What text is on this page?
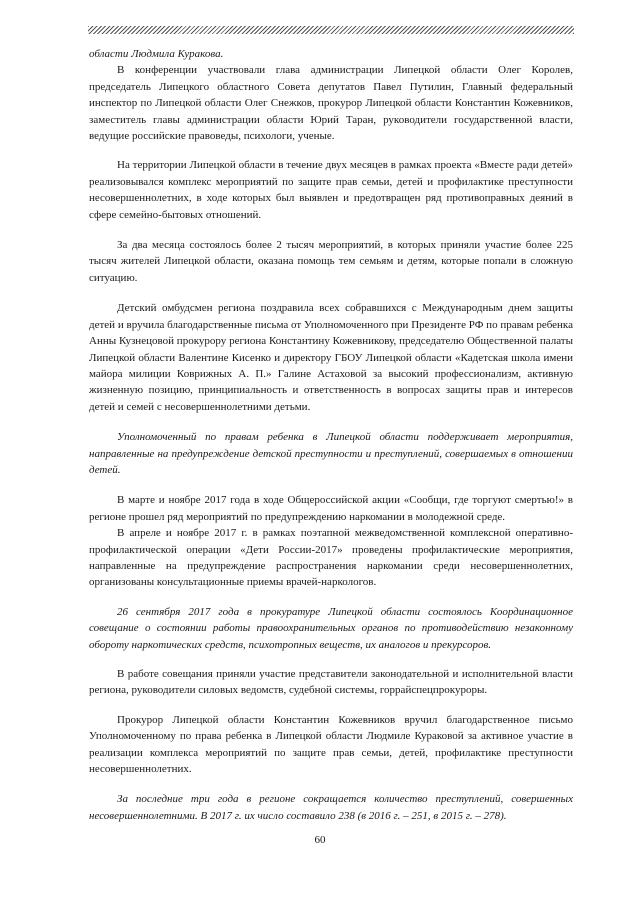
области Людмила Куракова.

В конференции участвовали глава администрации Липецкой области Олег Королев, председатель Липецкого областного Совета депутатов Павел Путилин, Главный федеральный инспектор по Липецкой области Олег Снежков, прокурор Липецкой области Константин Кожевников, заместитель главы администрации области Юрий Таран, руководители государственной власти, ведущие российские правоведы, психологи, ученые.

На территории Липецкой области в течение двух месяцев в рамках проекта «Вместе ради детей» реализовывался комплекс мероприятий по защите прав семьи, детей и профилактике преступности несовершеннолетних, в ходе которых был выявлен и предотвращен ряд противоправных деяний в сфере семейно-бытовых отношений.

За два месяца состоялось более 2 тысяч мероприятий, в которых приняли участие более 225 тысяч жителей Липецкой области, оказана помощь тем семьям и детям, которые попали в сложную ситуацию.

Детский омбудсмен региона поздравила всех собравшихся с Международным днем защиты детей и вручила благодарственные письма от Уполномоченного при Президенте РФ по правам ребенка Анны Кузнецовой прокурору региона Константину Кожевникову, председателю Общественной палаты Липецкой области Валентине Кисенко и директору ГБОУ Липецкой области «Кадетская школа имени майора милиции Коврижных А. П.» Галине Астаховой за высокий профессионализм, активную жизненную позицию, принципиальность и ответственность в вопросах защиты прав и интересов детей и семей с несовершеннолетними детьми.

Уполномоченный по правам ребенка в Липецкой области поддерживает мероприятия, направленные на предупреждение детской преступности и преступлений, совершаемых в отношении детей.

В марте и ноябре 2017 года в ходе Общероссийской акции «Сообщи, где торгуют смертью!» в регионе прошел ряд мероприятий по предупреждению наркомании в молодежной среде.

В апреле и ноябре 2017 г. в рамках поэтапной межведомственной комплексной оперативно-профилактической операции «Дети России-2017» проведены профилактические мероприятия, направленные на предупреждение распространения наркомании среди несовершеннолетних, организованы консультационные приемы врачей-наркологов.

26 сентября 2017 года в прокуратуре Липецкой области состоялось Координационное совещание о состоянии работы правоохранительных органов по противодействию незаконному обороту наркотических средств, психотропных веществ, их аналогов и прекурсоров.

В работе совещания приняли участие представители законодательной и исполнительной власти региона, руководители силовых ведомств, судебной системы, горрайспецпрокуроры.

Прокурор Липецкой области Константин Кожевников вручил благодарственное письмо Уполномоченному по права ребенка в Липецкой области Людмиле Кураковой за активное участие в реализации комплекса мероприятий по защите прав семьи, детей, профилактике преступности несовершеннолетних.

За последние три года в регионе сокращается количество преступлений, совершенных несовершеннолетними. В 2017 г. их число составило 238 (в 2016 г. – 251, в 2015 г. – 278).

60
